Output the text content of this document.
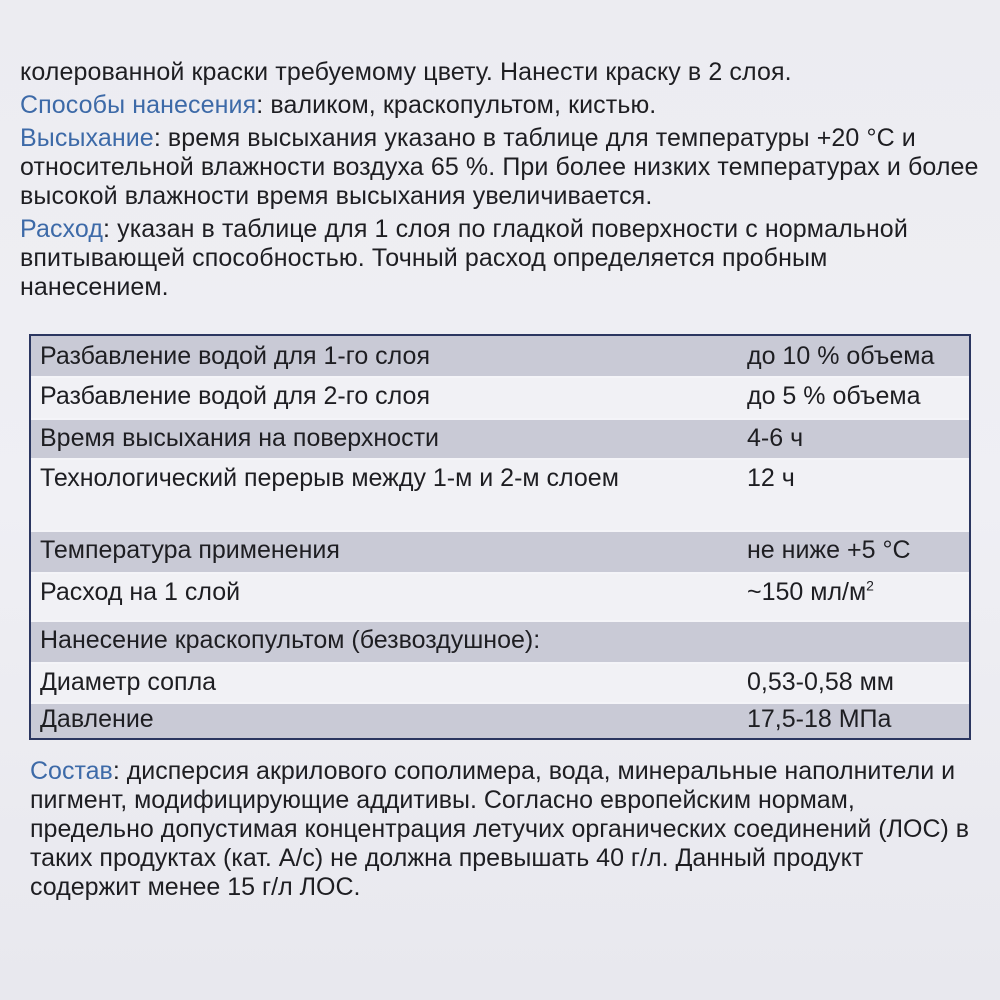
колерованной краски требуемому цвету. Нанести краску в 2 слоя.

Способы нанесения: валиком, краскопультом, кистью.

Высыхание: время высыхания указано в таблице для температуры +20 °С и относительной влажности воздуха 65 %. При более низких температурах и более высокой влажности время высыхания увеличивается.

Расход: указан в таблице для 1 слоя по гладкой поверхности с нормальной впитывающей способностью. Точный расход определяется пробным нанесением.

Разбавление водой для 1-го слоя	до 10 % объема
Разбавление водой для 2-го слоя	до 5 % объема
Время высыхания на поверхности	4-6 ч
Технологический перерыв между 1-м и 2-м слоем	12 ч
Температура применения	не ниже +5 °С
Расход на 1 слой	~150 $мл/м^2$
Нанесение краскопультом (безвоздушное):
Диаметр сопла	0,53-0,58 мм
Давление	17,5-18 МПа
Состав: дисперсия акрилового сополимера, вода, минеральные наполнители и пигмент, модифицирующие аддитивы. Согласно европейским нормам, предельно допустимая концентрация летучих органических соединений (ЛОС) в таких продуктах (кат. А/с) не должна превышать 40 г/л. Данный продукт содержит менее 15 г/л ЛОС.
